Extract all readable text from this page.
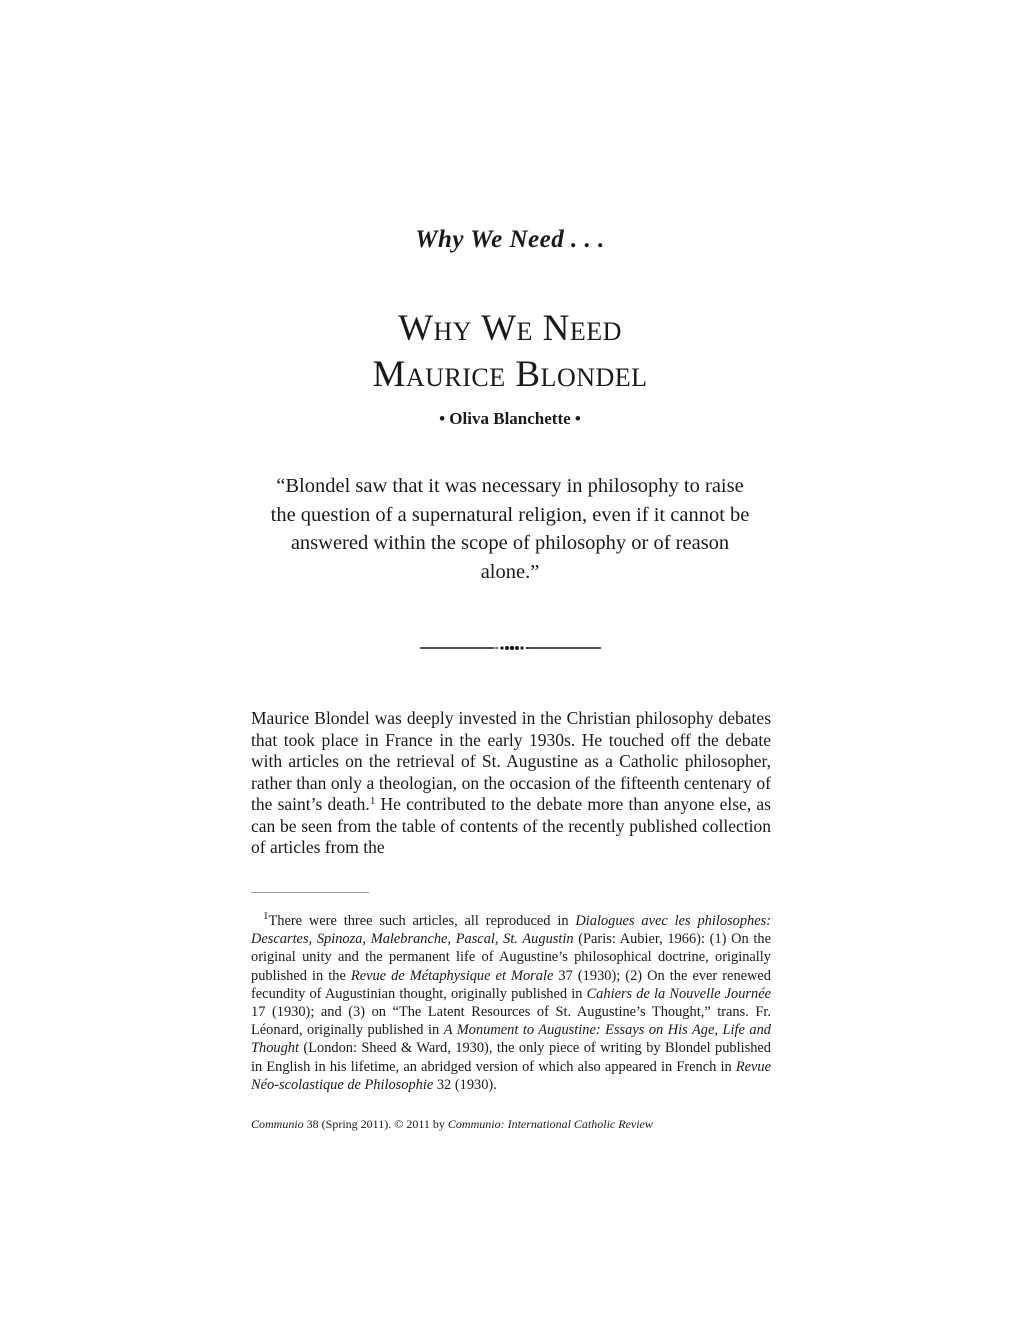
Why We Need . . .
Why We Need
Maurice Blondel

• Oliva Blanchette •

“Blondel saw that it was necessary in philosophy to raise the question of a supernatural religion, even if it cannot be answered within the scope of philosophy or of reason alone.”

Maurice Blondel was deeply invested in the Christian philosophy debates that took place in France in the early 1930s. He touched off the debate with articles on the retrieval of St. Augustine as a Catholic philosopher, rather than only a theologian, on the occasion of the fifteenth centenary of the saint’s death.$^1$ He contributed to the debate more than anyone else, as can be seen from the table of contents of the recently published collection of articles from the

$^1$There were three such articles, all reproduced in Dialogues avec les philosophes: Descartes, Spinoza, Malebranche, Pascal, St. Augustin (Paris: Aubier, 1966): (1) On the original unity and the permanent life of Augustine’s philosophical doctrine, originally published in the Revue de Métaphysique et Morale 37 (1930); (2) On the ever renewed fecundity of Augustinian thought, originally published in Cahiers de la Nouvelle Journée 17 (1930); and (3) on “The Latent Resources of St. Augustine’s Thought,” trans. Fr. Léonard, originally published in A Monument to Augustine: Essays on His Age, Life and Thought (London: Sheed & Ward, 1930), the only piece of writing by Blondel published in English in his lifetime, an abridged version of which also appeared in French in Revue Néo-scolastique de Philosophie 32 (1930).

Communio 38 (Spring 2011). © 2011 by Communio: International Catholic Review
